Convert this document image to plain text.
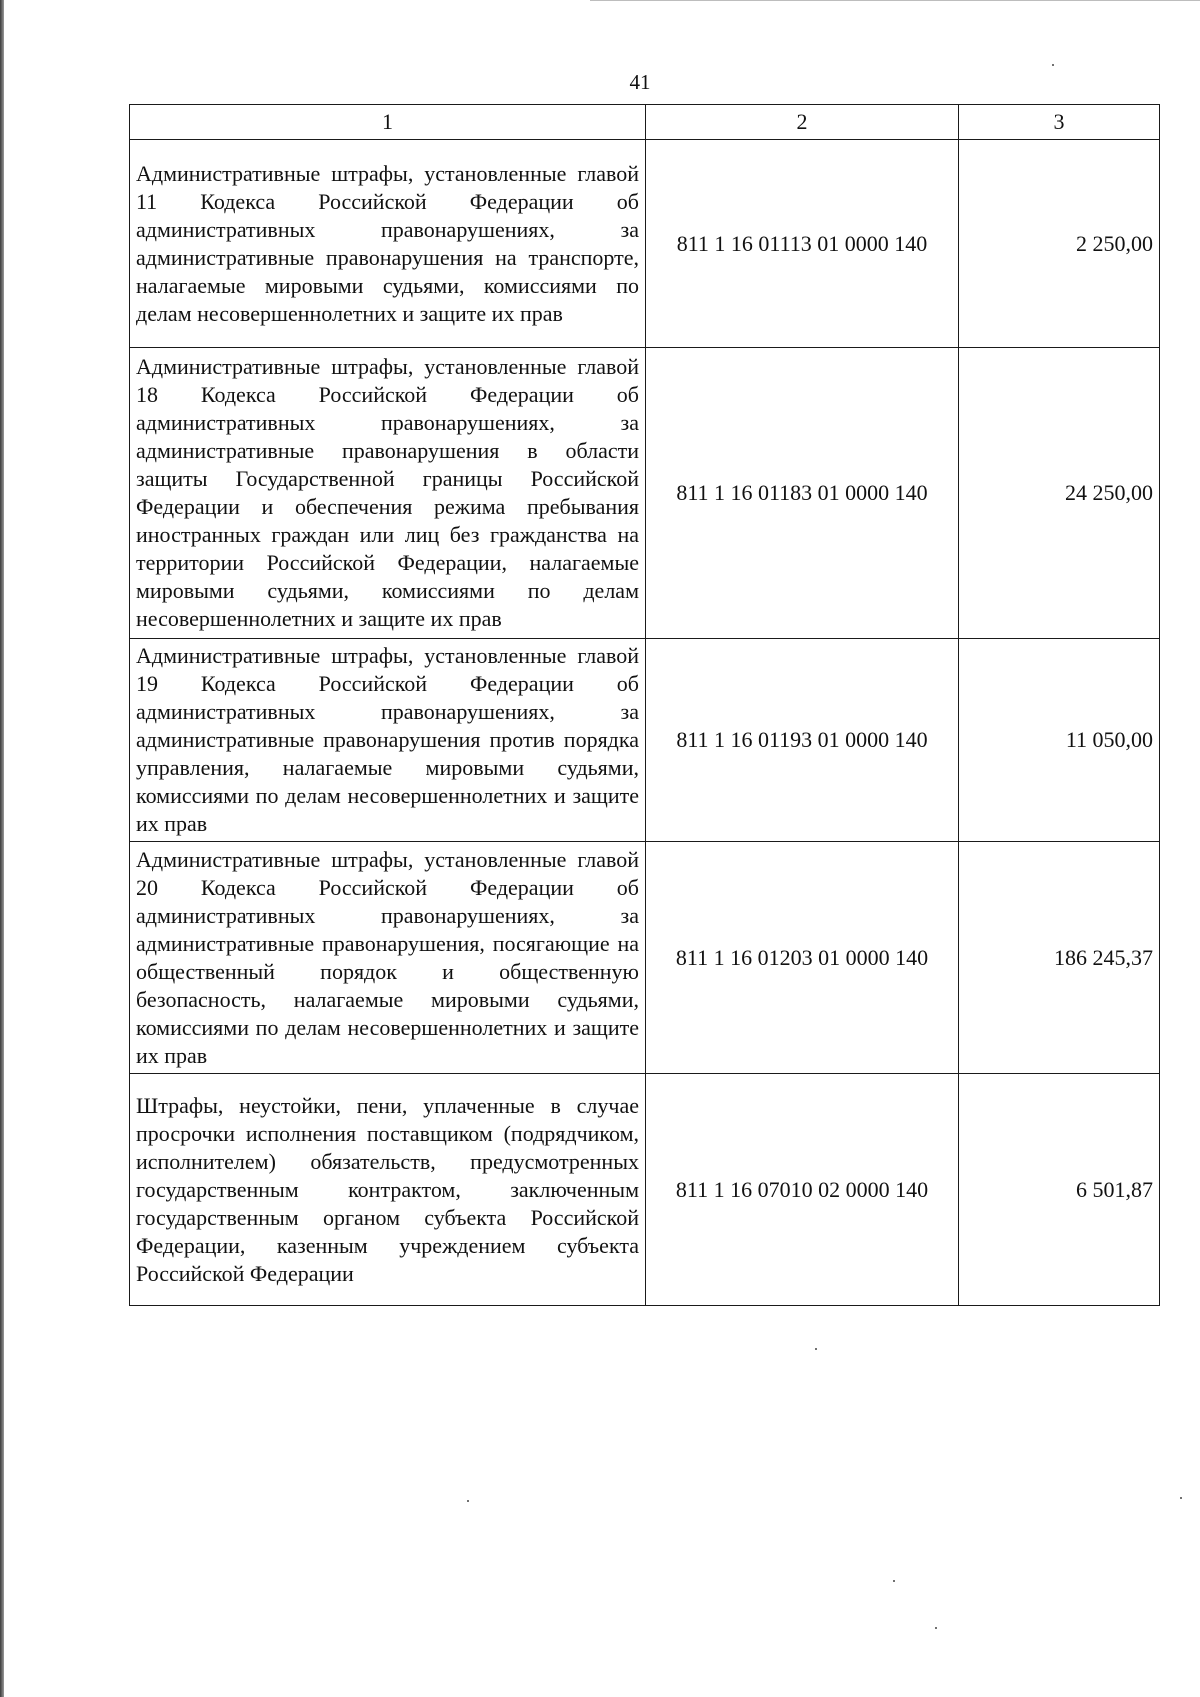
41
1	2	3
Административные штрафы, установленные главой 11 Кодекса Российской Федерации об административных правонарушениях, за административные правонарушения на транспорте, налагаемые мировыми судьями, комиссиями по делам несовершеннолетних и защите их прав	811 1 16 01113 01 0000 140	2 250,00
Административные штрафы, установленные главой 18 Кодекса Российской Федерации об административных правонарушениях, за административные правонарушения в области защиты Государственной границы Российской Федерации и обеспечения режима пребывания иностранных граждан или лиц без гражданства на территории Российской Федерации, налагаемые мировыми судьями, комиссиями по делам несовершеннолетних и защите их прав	811 1 16 01183 01 0000 140	24 250,00
Административные штрафы, установленные главой 19 Кодекса Российской Федерации об административных правонарушениях, за административные правонарушения против порядка управления, налагаемые мировыми судьями, комиссиями по делам несовершеннолетних и защите их прав	811 1 16 01193 01 0000 140	11 050,00
Административные штрафы, установленные главой 20 Кодекса Российской Федерации об административных правонарушениях, за административные правонарушения, посягающие на общественный порядок и общественную безопасность, налагаемые мировыми судьями, комиссиями по делам несовершеннолетних и защите их прав	811 1 16 01203 01 0000 140	186 245,37
Штрафы, неустойки, пени, уплаченные в случае просрочки исполнения поставщиком (подрядчиком, исполнителем) обязательств, предусмотренных государственным контрактом, заключенным государственным органом субъекта Российской Федерации, казенным учреждением субъекта Российской Федерации	811 1 16 07010 02 0000 140	6 501,87
